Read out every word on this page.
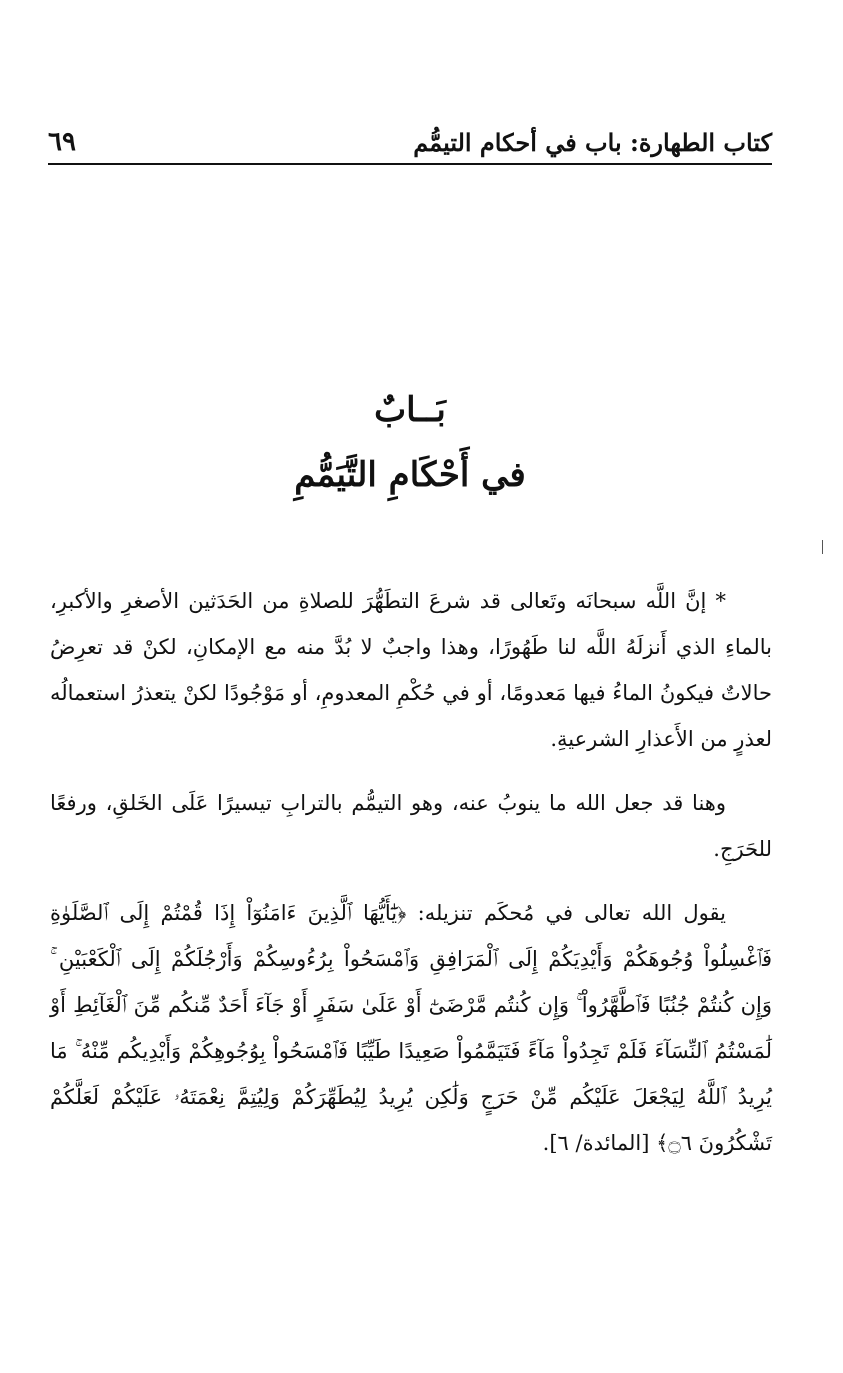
كتاب الطهارة: باب في أحكام التيمُّم
٦٩
بَــابٌ
في أَحْكَامِ التَّيَمُّمِ

* إنَّ اللَّه سبحانَه وتَعالى قد شرعَ التطَهُّرَ للصلاةِ من الحَدَثين الأصغرِ والأكبرِ، بالماءِ الذي أَنزلَهُ اللَّه لنا طَهُورًا، وهذا واجبٌ لا بُدَّ منه مع الإمكانِ، لكنْ قد تعرِضُ حالاتٌ فيكونُ الماءُ فيها مَعدومًا، أو في حُكْمِ المعدومِ، أو مَوْجُودًا لكنْ يتعذرُ استعمالُه لعذرٍ من الأَعذارِ الشرعيةِ.

وهنا قد جعل الله ما ينوبُ عنه، وهو التيمُّم بالترابِ تيسيرًا عَلَى الخَلقِ، ورفعًا للحَرَجِ.

يقول الله تعالى في مُحكَم تنزيله: ﴿يَٰٓأَيُّهَا ٱلَّذِينَ ءَامَنُوٓاْ إِذَا قُمْتُمْ إِلَى ٱلصَّلَوٰةِ فَٱغْسِلُواْ وُجُوهَكُمْ وَأَيْدِيَكُمْ إِلَى ٱلْمَرَافِقِ وَٱمْسَحُواْ بِرُءُوسِكُمْ وَأَرْجُلَكُمْ إِلَى ٱلْكَعْبَيْنِ ۚ وَإِن كُنتُمْ جُنُبًا فَٱطَّهَّرُواْ ۚ وَإِن كُنتُم مَّرْضَىٰٓ أَوْ عَلَىٰ سَفَرٍ أَوْ جَآءَ أَحَدٌ مِّنكُم مِّنَ ٱلْغَآئِطِ أَوْ لَٰمَسْتُمُ ٱلنِّسَآءَ فَلَمْ تَجِدُواْ مَآءً فَتَيَمَّمُواْ صَعِيدًا طَيِّبًا فَٱمْسَحُواْ بِوُجُوهِكُمْ وَأَيْدِيكُم مِّنْهُ ۚ مَا يُرِيدُ ٱللَّهُ لِيَجْعَلَ عَلَيْكُم مِّنْ حَرَجٍ وَلَٰكِن يُرِيدُ لِيُطَهِّرَكُمْ وَلِيُتِمَّ نِعْمَتَهُۥ عَلَيْكُمْ لَعَلَّكُمْ تَشْكُرُونَ ۝٦﴾ [المائدة/ ٦].
